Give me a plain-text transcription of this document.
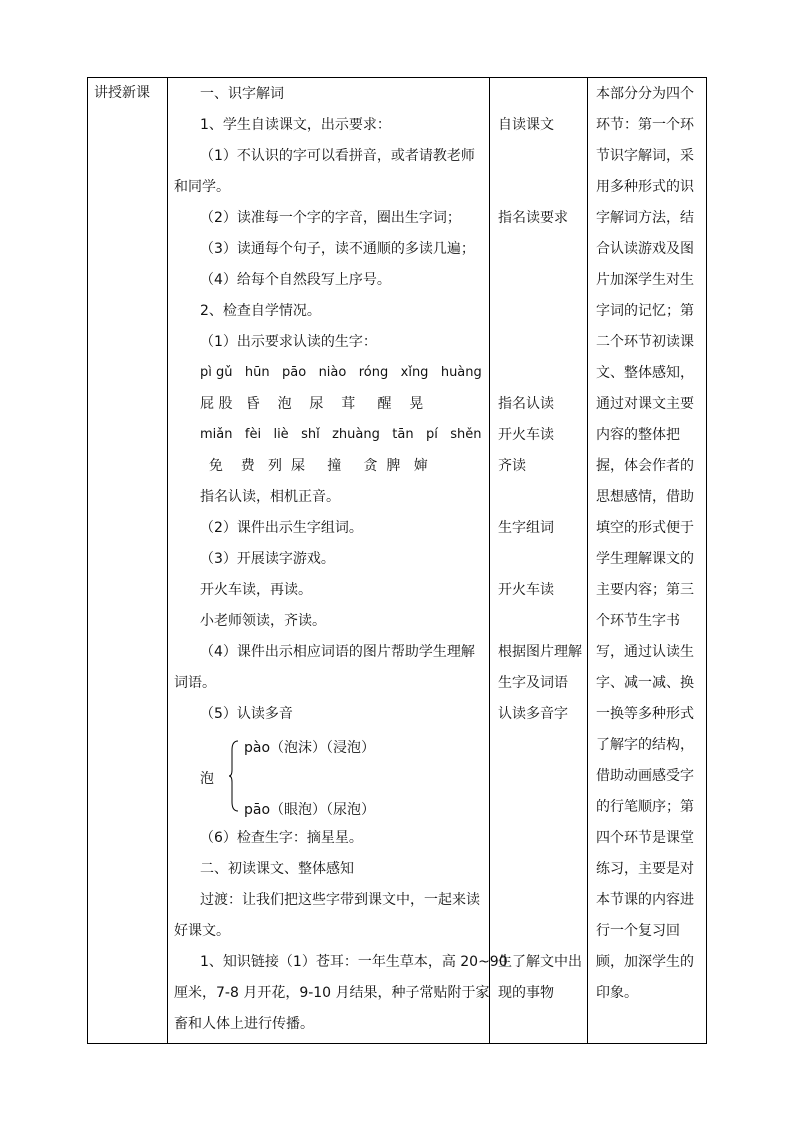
讲授新课	一、识字解词
1、学生自读课文，出示要求：
（1）不认识的字可以看拼音，或者请教老师
和同学。
（2）读准每一个字的字音，圈出生字词；
（3）读通每个句子，读不通顺的多读几遍；
（4）给每个自然段写上序号。
2、检查自学情况。
（1）出示要求认读的生字：
pì gǔ   hūn   pāo   niào   róng   xǐng   huàng
屁 股   昏    泡    尿    茸     醒    晃
miǎn   fèi   liè   shǐ   zhuàng   tān   pí   shěn
免    费   列  屎     撞     贪  脾   婶
指名认读，相机正音。
（2）课件出示生字组词。
（3）开展读字游戏。
开火车读，再读。
小老师领读，齐读。
（4）课件出示相应词语的图片帮助学生理解
词语。
（5）认读多音
pào（泡沫）（浸泡）
泡
pāo（眼泡）（尿泡）
（6）检查生字：摘星星。
二、初读课文、整体感知
过渡：让我们把这些字带到课文中，一起来读
好课文。
1、知识链接（1）苍耳：一年生草本，高 20~90
厘米，7-8 月开花，9-10 月结果，种子常贴附于家
畜和人体上进行传播。
自读课文
指名读要求
指名认读
开火车读
齐读
生字组词
开火车读
根据图片理解
生字及词语
认读多音字
生了解文中出
现的事物
本部分分为四个
环节：第一个环
节识字解词，采
用多种形式的识
字解词方法，结
合认读游戏及图
片加深学生对生
字词的记忆；第
二个环节初读课
文、整体感知，
通过对课文主要
内容的整体把
握，体会作者的
思想感情，借助
填空的形式便于
学生理解课文的
主要内容；第三
个环节生字书
写，通过认读生
字、减一减、换
一换等多种形式
了解字的结构，
借助动画感受字
的行笔顺序；第
四个环节是课堂
练习，主要是对
本节课的内容进
行一个复习回
顾，加深学生的
印象。
